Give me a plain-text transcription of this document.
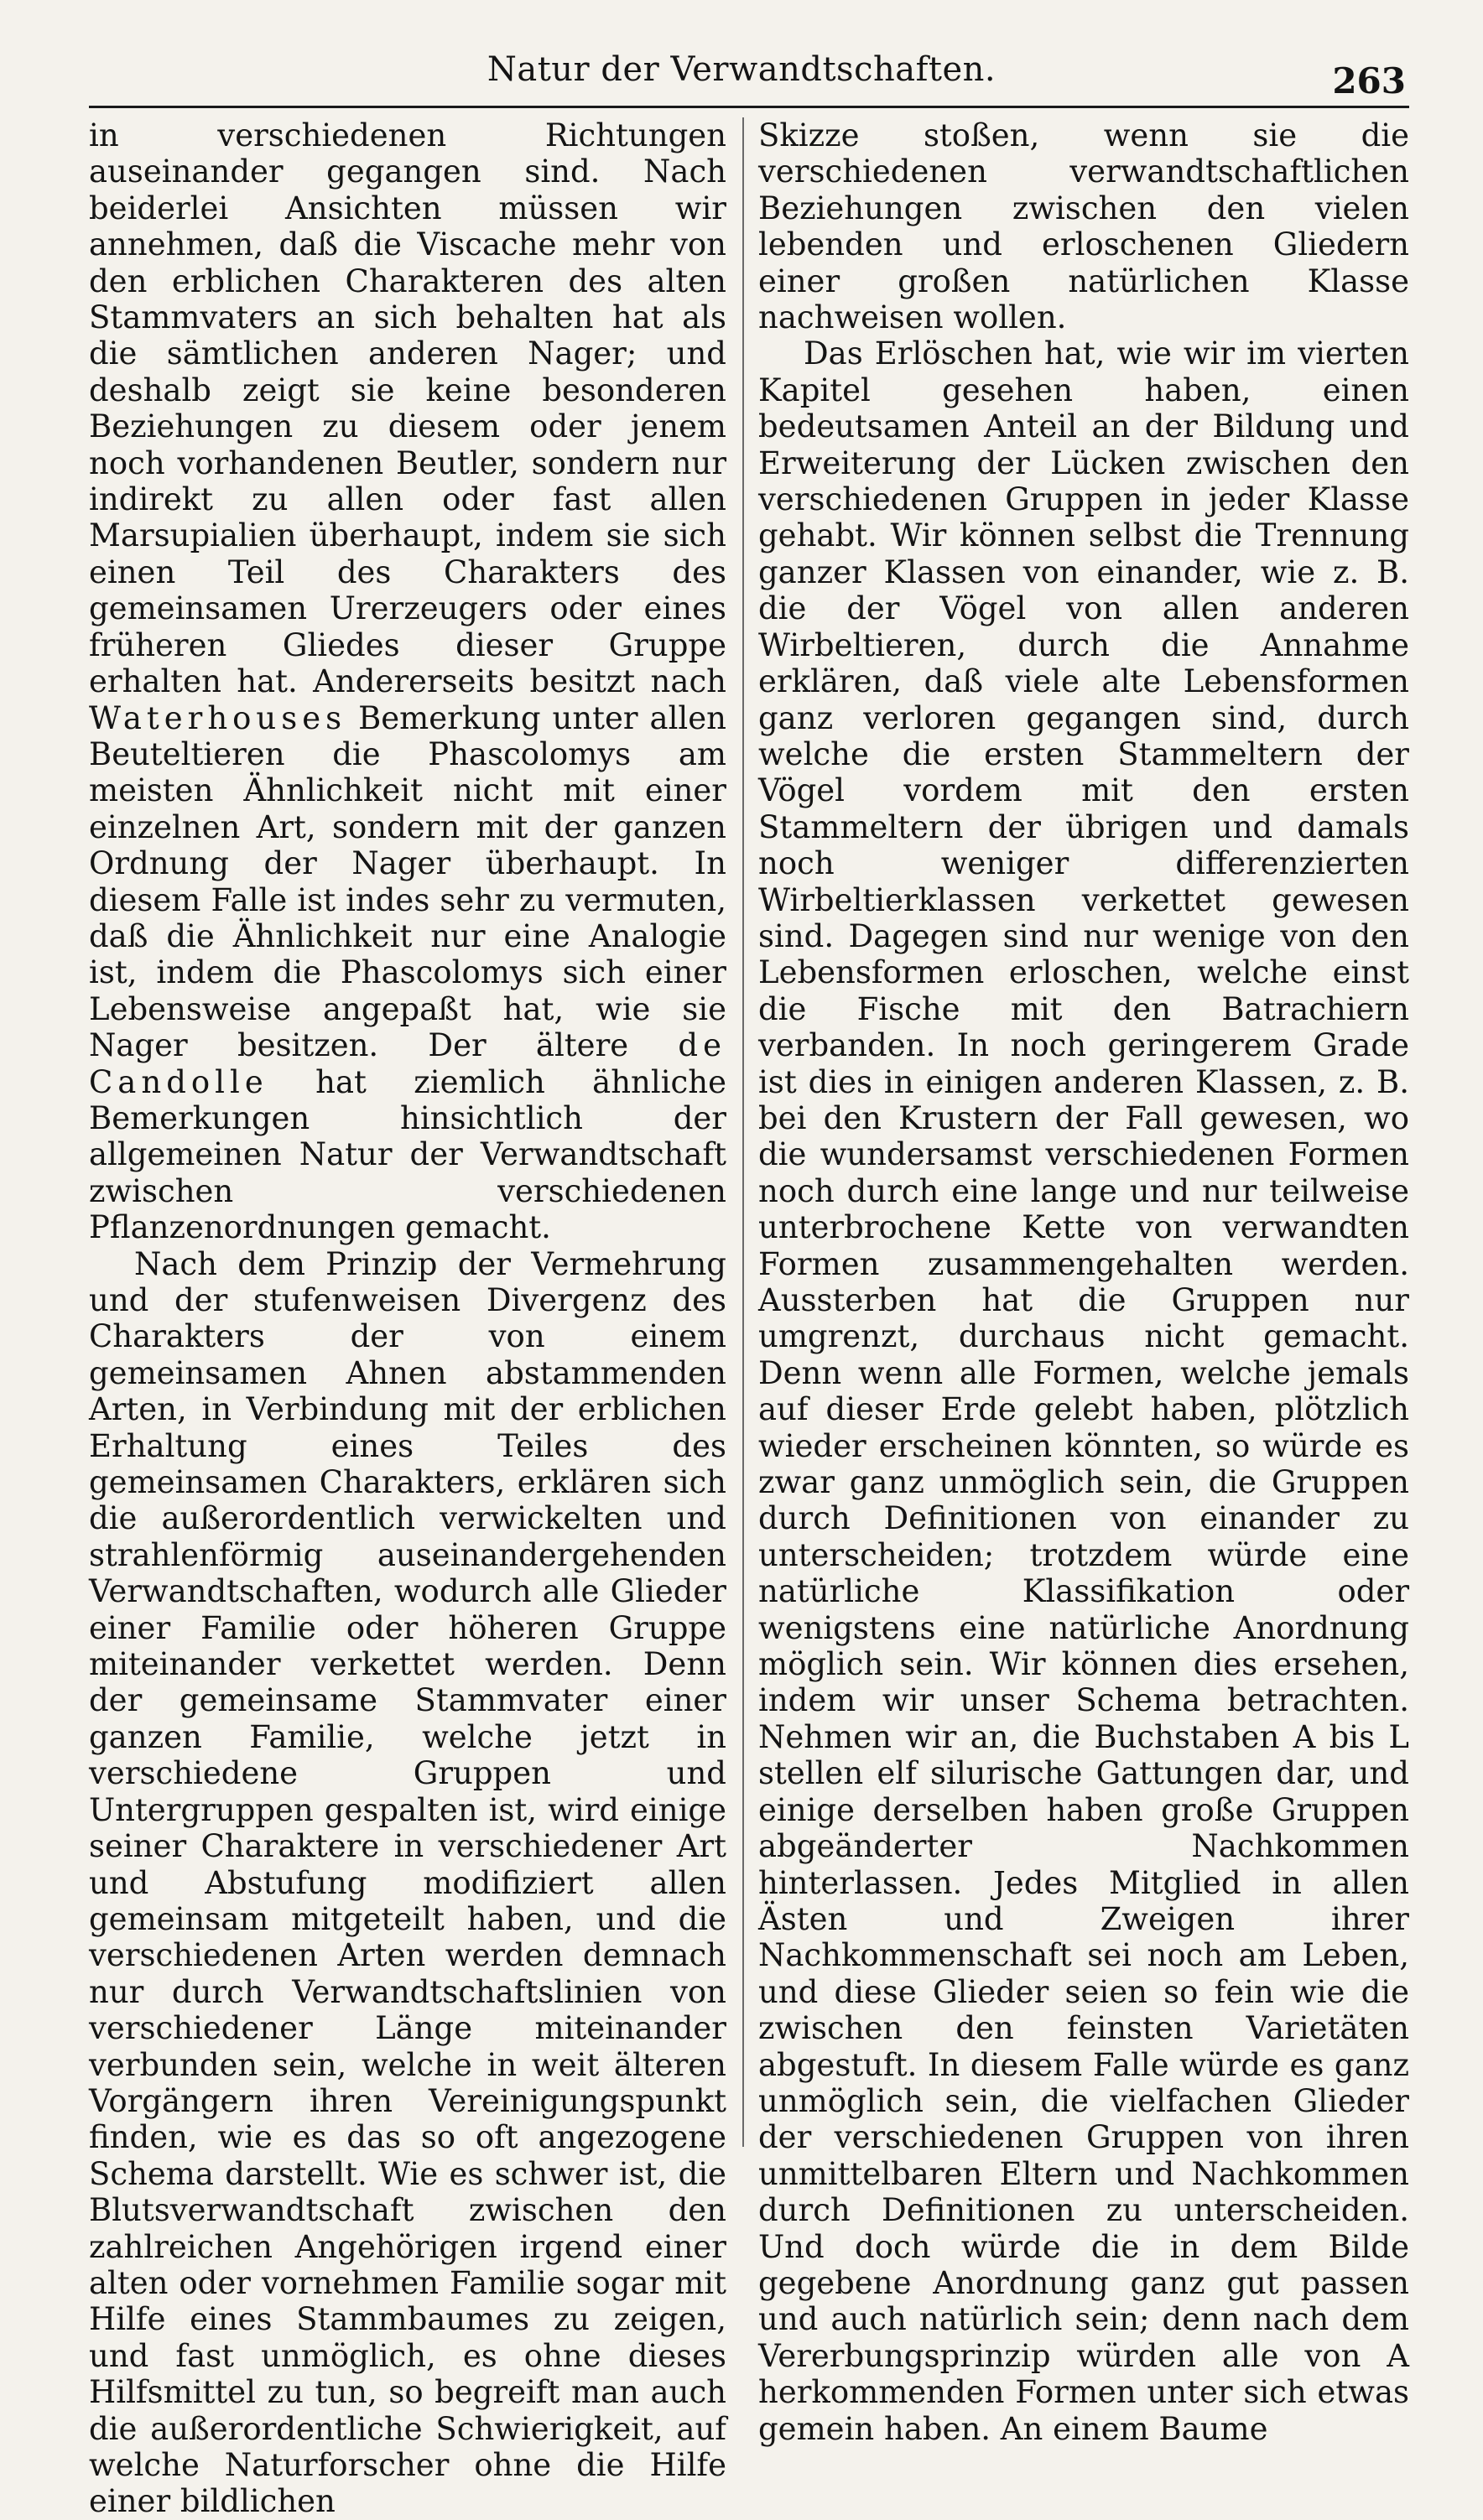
Natur der Verwandtschaften.	263

in verschiedenen Richtungen auseinander gegangen sind. Nach beiderlei Ansichten müssen wir annehmen, daß die Viscache mehr von den erblichen Charakteren des alten Stammvaters an sich behalten hat als die sämtlichen anderen Nager; und deshalb zeigt sie keine besonderen Beziehungen zu diesem oder jenem noch vorhandenen Beutler, sondern nur indirekt zu allen oder fast allen Marsupialien überhaupt, indem sie sich einen Teil des Charakters des gemeinsamen Urerzeugers oder eines früheren Gliedes dieser Gruppe erhalten hat. Andererseits besitzt nach Waterhouses Bemerkung unter allen Beuteltieren die Phascolomys am meisten Ähnlichkeit nicht mit einer einzelnen Art, sondern mit der ganzen Ordnung der Nager überhaupt. In diesem Falle ist indes sehr zu vermuten, daß die Ähnlichkeit nur eine Analogie ist, indem die Phascolomys sich einer Lebensweise angepaßt hat, wie sie Nager besitzen. Der ältere de Candolle hat ziemlich ähnliche Bemerkungen hinsichtlich der allgemeinen Natur der Verwandtschaft zwischen verschiedenen Pflanzenordnungen gemacht.

Nach dem Prinzip der Vermehrung und der stufenweisen Divergenz des Charakters der von einem gemeinsamen Ahnen abstammenden Arten, in Verbindung mit der erblichen Erhaltung eines Teiles des gemeinsamen Charakters, erklären sich die außerordentlich verwickelten und strahlenförmig auseinandergehenden Verwandtschaften, wodurch alle Glieder einer Familie oder höheren Gruppe miteinander verkettet werden. Denn der gemeinsame Stammvater einer ganzen Familie, welche jetzt in verschiedene Gruppen und Untergruppen gespalten ist, wird einige seiner Charaktere in verschiedener Art und Abstufung modifiziert allen gemeinsam mitgeteilt haben, und die verschiedenen Arten werden demnach nur durch Verwandtschaftslinien von verschiedener Länge miteinander verbunden sein, welche in weit älteren Vorgängern ihren Vereinigungspunkt finden, wie es das so oft angezogene Schema darstellt. Wie es schwer ist, die Blutsverwandtschaft zwischen den zahlreichen Angehörigen irgend einer alten oder vornehmen Familie sogar mit Hilfe eines Stammbaumes zu zeigen, und fast unmöglich, es ohne dieses Hilfsmittel zu tun, so begreift man auch die außerordentliche Schwierigkeit, auf welche Naturforscher ohne die Hilfe einer bildlichen

Skizze stoßen, wenn sie die verschiedenen verwandtschaftlichen Beziehungen zwischen den vielen lebenden und erloschenen Gliedern einer großen natürlichen Klasse nachweisen wollen.

Das Erlöschen hat, wie wir im vierten Kapitel gesehen haben, einen bedeutsamen Anteil an der Bildung und Erweiterung der Lücken zwischen den verschiedenen Gruppen in jeder Klasse gehabt. Wir können selbst die Trennung ganzer Klassen von einander, wie z. B. die der Vögel von allen anderen Wirbeltieren, durch die Annahme erklären, daß viele alte Lebensformen ganz verloren gegangen sind, durch welche die ersten Stammeltern der Vögel vordem mit den ersten Stammeltern der übrigen und damals noch weniger differenzierten Wirbeltierklassen verkettet gewesen sind. Dagegen sind nur wenige von den Lebensformen erloschen, welche einst die Fische mit den Batrachiern verbanden. In noch geringerem Grade ist dies in einigen anderen Klassen, z. B. bei den Krustern der Fall gewesen, wo die wundersamst verschiedenen Formen noch durch eine lange und nur teilweise unterbrochene Kette von verwandten Formen zusammengehalten werden. Aussterben hat die Gruppen nur umgrenzt, durchaus nicht gemacht. Denn wenn alle Formen, welche jemals auf dieser Erde gelebt haben, plötzlich wieder erscheinen könnten, so würde es zwar ganz unmöglich sein, die Gruppen durch Definitionen von einander zu unterscheiden; trotzdem würde eine natürliche Klassifikation oder wenigstens eine natürliche Anordnung möglich sein. Wir können dies ersehen, indem wir unser Schema betrachten. Nehmen wir an, die Buchstaben A bis L stellen elf silurische Gattungen dar, und einige derselben haben große Gruppen abgeänderter Nachkommen hinterlassen. Jedes Mitglied in allen Ästen und Zweigen ihrer Nachkommenschaft sei noch am Leben, und diese Glieder seien so fein wie die zwischen den feinsten Varietäten abgestuft. In diesem Falle würde es ganz unmöglich sein, die vielfachen Glieder der verschiedenen Gruppen von ihren unmittelbaren Eltern und Nachkommen durch Definitionen zu unterscheiden. Und doch würde die in dem Bilde gegebene Anordnung ganz gut passen und auch natürlich sein; denn nach dem Vererbungsprinzip würden alle von A herkommenden Formen unter sich etwas gemein haben. An einem Baume
